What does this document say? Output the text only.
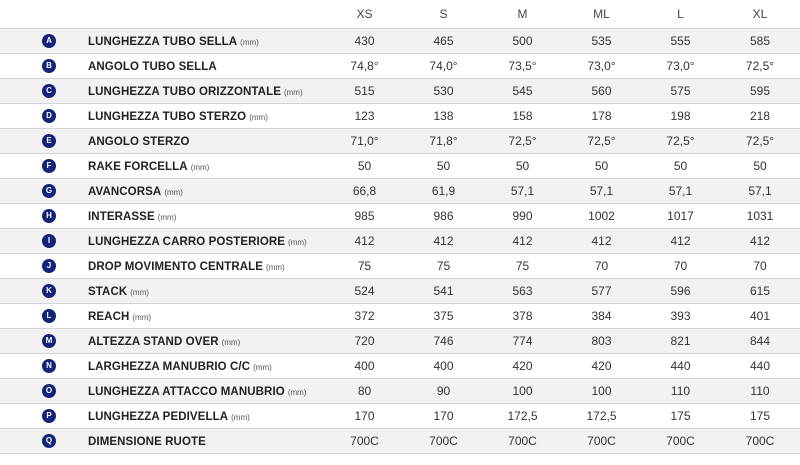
		XS	S	M	ML	L	XL
A	LUNGHEZZA TUBO SELLA (mm)	430	465	500	535	555	585
B	ANGOLO TUBO SELLA	74,8°	74,0°	73,5°	73,0°	73,0°	72,5°
C	LUNGHEZZA TUBO ORIZZONTALE (mm)	515	530	545	560	575	595
D	LUNGHEZZA TUBO STERZO (mm)	123	138	158	178	198	218
E	ANGOLO STERZO	71,0°	71,8°	72,5°	72,5°	72,5°	72,5°
F	RAKE FORCELLA (mm)	50	50	50	50	50	50
G	AVANCORSA (mm)	66,8	61,9	57,1	57,1	57,1	57,1
H	INTERASSE (mm)	985	986	990	1002	1017	1031
I	LUNGHEZZA CARRO POSTERIORE (mm)	412	412	412	412	412	412
J	DROP MOVIMENTO CENTRALE (mm)	75	75	75	70	70	70
K	STACK (mm)	524	541	563	577	596	615
L	REACH (mm)	372	375	378	384	393	401
M	ALTEZZA STAND OVER (mm)	720	746	774	803	821	844
N	LARGHEZZA MANUBRIO C/C (mm)	400	400	420	420	440	440
O	LUNGHEZZA ATTACCO MANUBRIO (mm)	80	90	100	100	110	110
P	LUNGHEZZA PEDIVELLA (mm)	170	170	172,5	172,5	175	175
Q	DIMENSIONE RUOTE	700C	700C	700C	700C	700C	700C
